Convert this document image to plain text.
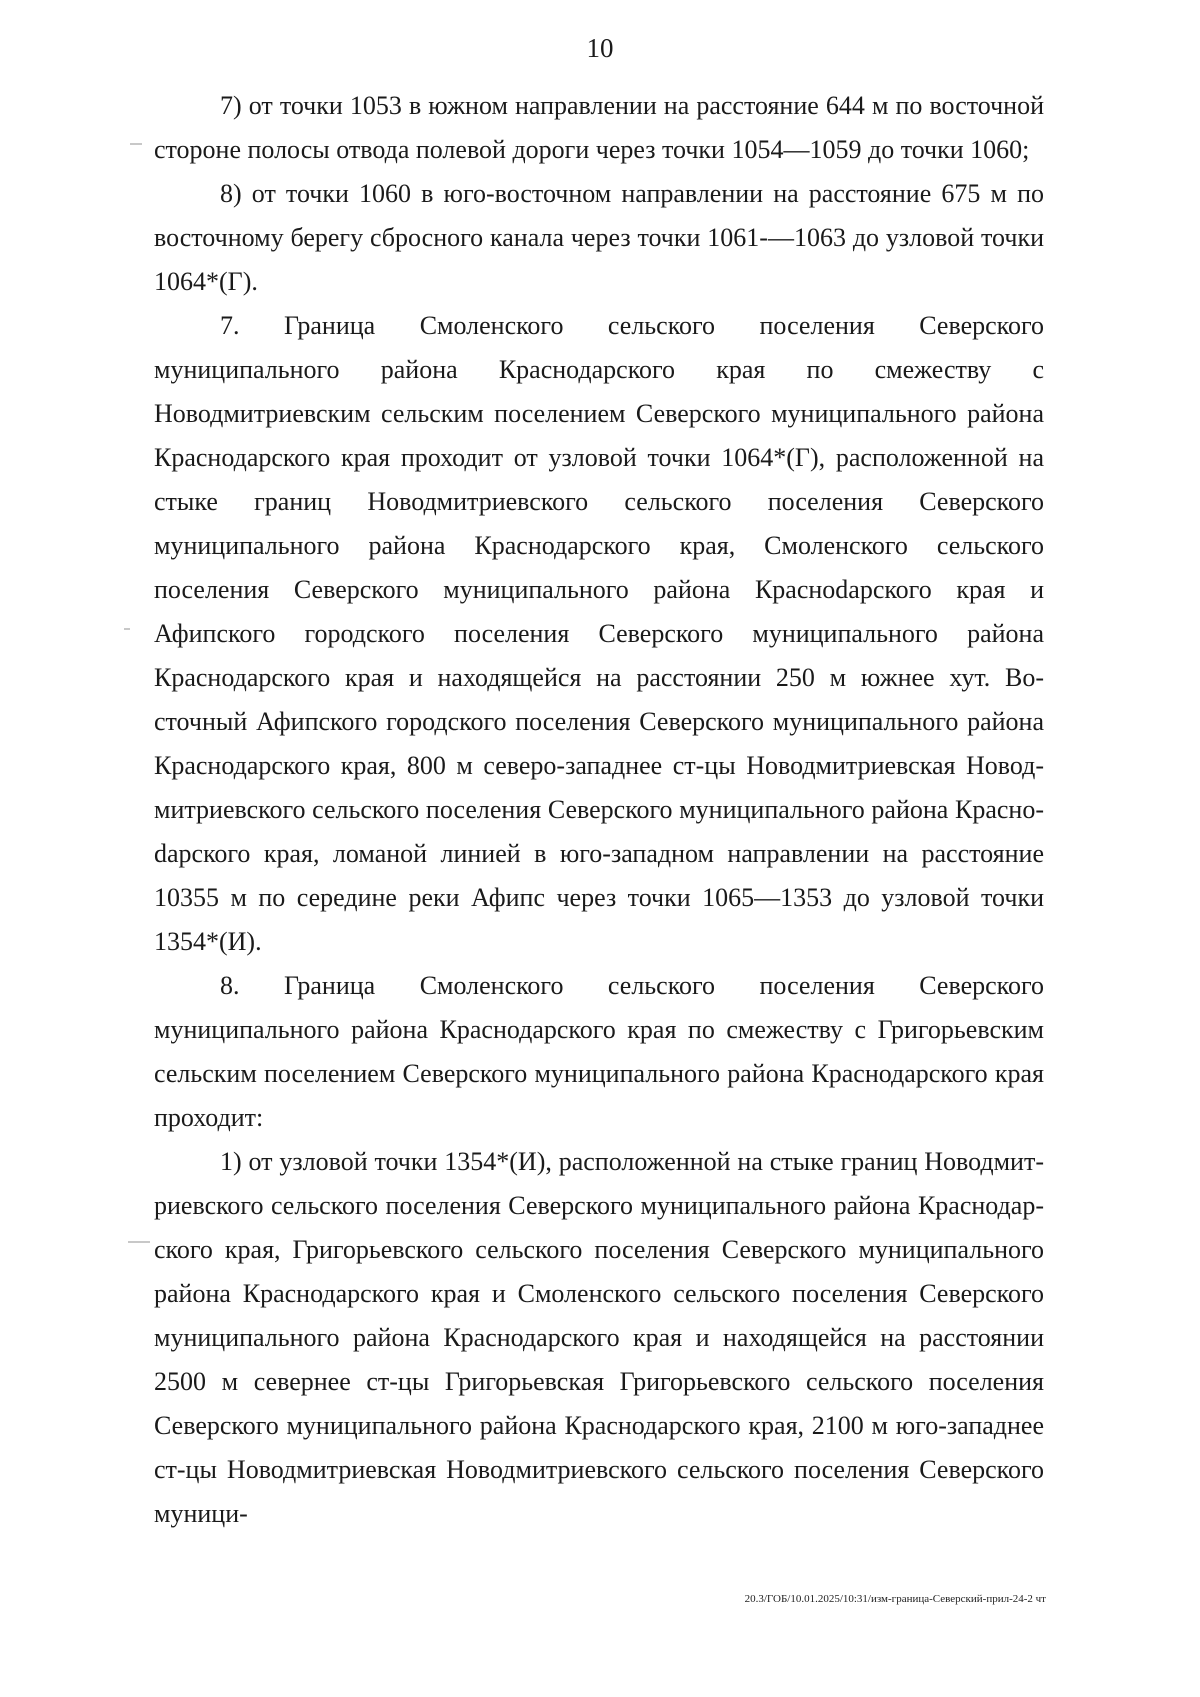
10

7) от точки 1053 в южном направлении на расстояние 644 м по восточной стороне полосы отвода полевой дороги через точки 1054—1059 до точки 1060;

8) от точки 1060 в юго-восточном направлении на расстояние 675 м по восточному берегу сбросного канала через точки 1061-—1063 до узловой точки 1064*(Г).

7. Граница Смоленского сельского поселения Северского муниципального района Краснодарского края по смежеству с Новодмитриевским сельским поселением Северского муниципального района Краснодарского края проходит от узловой точки 1064*(Г), расположенной на стыке границ Новодмитриевского сельского поселения Северского муниципального района Краснодарского края, Смоленского сельского поселения Северского муниципального района Красноdарского края и Афипского городского поселения Северского муниципального района Краснодарского края и находящейся на расстоянии 250 м южнее хут. Восточный Афипского городского поселения Северского муниципального района Краснодарского края, 800 м северо-западнее ст-цы Новодмитриевская Новодмитриевского сельского поселения Северского муниципального района Красноdарского края, ломаной линией в юго-западном направлении на расстояние 10355 м по середине реки Афипс через точки 1065—1353 до узловой точки 1354*(И).

8. Граница Смоленского сельского поселения Северского муниципального района Краснодарского края по смежеству с Григорьевским сельским поселением Северского муниципального района Краснодарского края проходит:

1) от узловой точки 1354*(И), расположенной на стыке границ Новодмитриевского сельского поселения Северского муниципального района Краснодарского края, Григорьевского сельского поселения Северского муниципального района Краснодарского края и Смоленского сельского поселения Северского муниципального района Краснодарского края и находящейся на расстоянии 2500 м севернее ст-цы Григорьевская Григорьевского сельского поселения Северского муниципального района Краснодарского края, 2100 м юго-западнее ст-цы Новодмитриевская Новодмитриевского сельского поселения Северского муници-

20.3/ГОБ/10.01.2025/10:31/изм-граница-Северский-прил-24-2 чт
